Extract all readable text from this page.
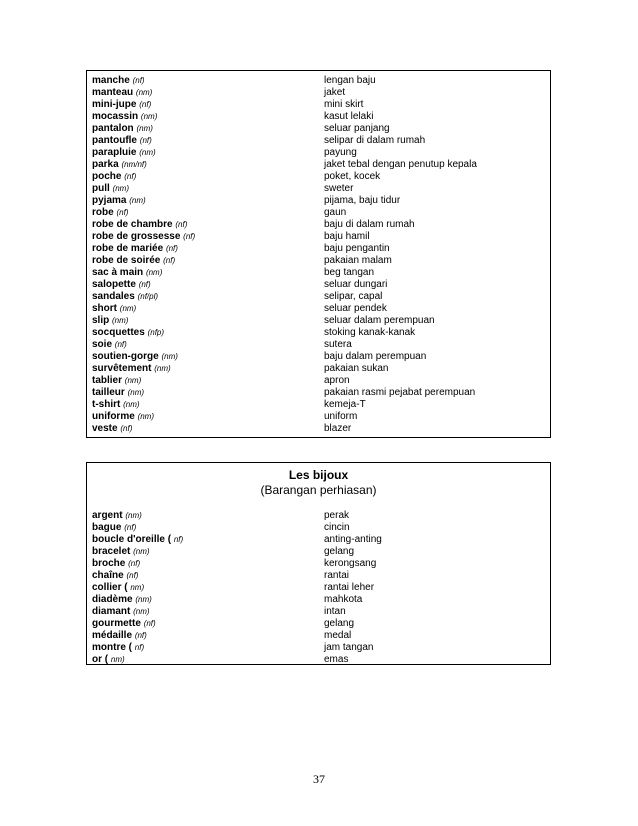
manche (nf)	lengan baju
manteau (nm)	jaket
mini-jupe (nf)	mini skirt
mocassin (nm)	kasut lelaki
pantalon (nm)	seluar panjang
pantoufle (nf)	selipar di dalam rumah
parapluie (nm)	payung
parka (nm/nf)	jaket tebal dengan penutup kepala
poche (nf)	poket, kocek
pull (nm)	sweter
pyjama (nm)	pijama, baju tidur
robe (nf)	gaun
robe de chambre (nf)	baju di dalam rumah
robe de grossesse (nf)	baju hamil
robe de mariée (nf)	baju pengantin
robe de soirée (nf)	pakaian malam
sac à main (nm)	beg tangan
salopette (nf)	seluar dungari
sandales (nf/pl)	selipar, capal
short (nm)	seluar pendek
slip (nm)	seluar dalam perempuan
socquettes (nfp)	stoking kanak-kanak
soie (nf)	sutera
soutien-gorge (nm)	baju dalam perempuan
survêtement (nm)	pakaian sukan
tablier (nm)	apron
tailleur (nm)	pakaian rasmi pejabat perempuan
t-shirt (nm)	kemeja-T
uniforme (nm)	uniform
veste (nf)	blazer
Les bijoux
(Barangan perhiasan)
argent (nm)	perak
bague (nf)	cincin
boucle d'oreille ( nf)	anting-anting
bracelet (nm)	gelang
broche (nf)	kerongsang
chaîne (nf)	rantai
collier ( nm)	rantai leher
diadème (nm)	mahkota
diamant (nm)	intan
gourmette (nf)	gelang
médaille (nf)	medal
montre ( nf)	jam tangan
or ( nm)	emas
37
